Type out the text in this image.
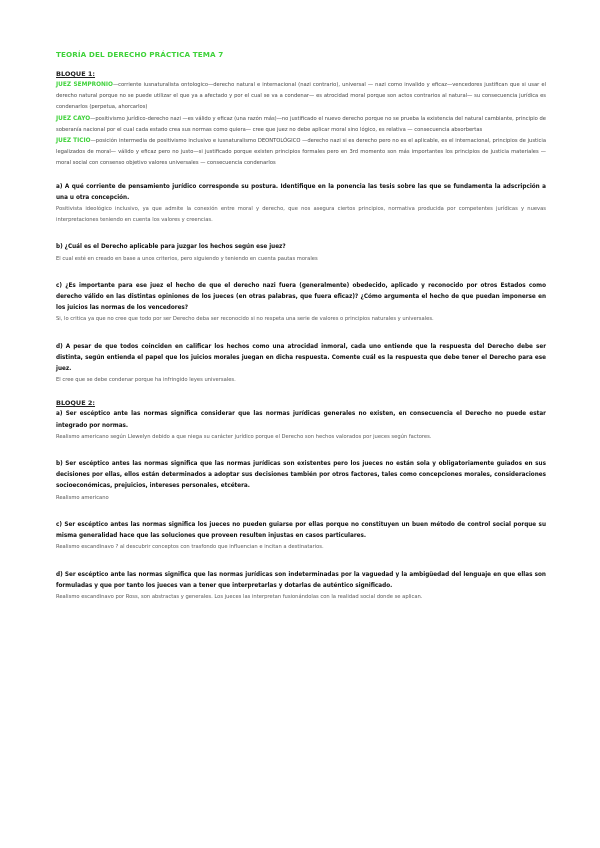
TEORÍA DEL DERECHO PRÁCTICA TEMA 7

BLOQUE 1:

JUEZ SEMPRONIO—corriente iusnaturalista ontologico—derecho natural e internacional (nazi contrario), universal — nazi como invalido y eficaz—vencedores justifican que si usar el derecho natural porque no se puede utilizar el que ya a afectado y por el cual se va a condenar— es atrocidad moral porque son actos contrarios al natural— su consecuencia jurídica es condenarlos (perpetua, ahorcarlos)

JUEZ CAYO—positivismo jurídico-derecho nazi —es válido y eficaz (una razón más)—no justificado el nuevo derecho porque no se prueba la existencia del natural cambiante, principio de soberanía nacional por el cual cada estado crea sus normas como quiera— cree que juez no debe aplicar moral sino lógico, es relativa — consecuencia absorbertas

JUEZ TICIO—posición intermedia de positivismo inclusivo e iusnaturalismo DEONTOLÓGICO —derecho nazi si es derecho pero no es el aplicable, es el internacional, principios de justicia legalizados de moral— válido y eficaz pero no justo—si justificado porque existen principios formales pero en 3rd momento son más importantes los principios de justicia materiales — moral social con consenso objetivo valores universales — consecuencia condenarlos

a) A qué corriente de pensamiento jurídico corresponde su postura. Identifique en la ponencia las tesis sobre las que se fundamenta la adscripción a una u otra concepción.

Positivista ideológico inclusivo, ya que admite la conexión entre moral y derecho, que nos asegura ciertos principios, normativa producida por competentes jurídicas y nuevas interpretaciones teniendo en cuenta los valores y creencias.

b) ¿Cuál es el Derecho aplicable para juzgar los hechos según ese juez?

El cual esté en creado en base a unos criterios, pero siguiendo y teniendo en cuenta pautas morales

c) ¿Es importante para ese juez el hecho de que el derecho nazi fuera (generalmente) obedecido, aplicado y reconocido por otros Estados como derecho válido en las distintas opiniones de los jueces (en otras palabras, que fuera eficaz)? ¿Cómo argumenta el hecho de que puedan imponerse en los juicios las normas de los vencedores?

Si, lo critica ya que no cree que todo por ser Derecho deba ser reconocido si no respeta una serie de valores o principios naturales y universales.

d) A pesar de que todos coinciden en calificar los hechos como una atrocidad inmoral, cada uno entiende que la respuesta del Derecho debe ser distinta, según entienda el papel que los juicios morales juegan en dicha respuesta. Comente cuál es la respuesta que debe tener el Derecho para ese juez.

El cree que se debe condenar porque ha infringido leyes universales.

BLOQUE 2:

a) Ser escéptico ante las normas significa considerar que las normas jurídicas generales no existen, en consecuencia el Derecho no puede estar integrado por normas.

Realismo americano según Llewelyn debido a que niega su carácter jurídico porque el Derecho son hechos valorados por jueces según factores.

b) Ser escéptico antes las normas significa que las normas jurídicas son existentes pero los jueces no están sola y obligatoriamente guiados en sus decisiones por ellas, ellos están determinados a adoptar sus decisiones también por otros factores, tales como concepciones morales, consideraciones socioeconómicas, prejuicios, intereses personales, etcétera.

Realismo americano

c) Ser escéptico antes las normas significa los jueces no pueden guiarse por ellas porque no constituyen un buen método de control social porque su misma generalidad hace que las soluciones que proveen resulten injustas en casos particulares.

Realismo escandinavo ? al descubrir conceptos con trasfondo que influencian e incitan a destinatarios.

d) Ser escéptico ante las normas significa que las normas jurídicas son indeterminadas por la vaguedad y la ambigüedad del lenguaje en que ellas son formuladas y que por tanto los jueces van a tener que interpretarlas y dotarlas de auténtico significado.

Realismo escandinavo por Ross, son abstractas y generales. Los jueces las interpretan fusionándolas con la realidad social donde se aplican.
